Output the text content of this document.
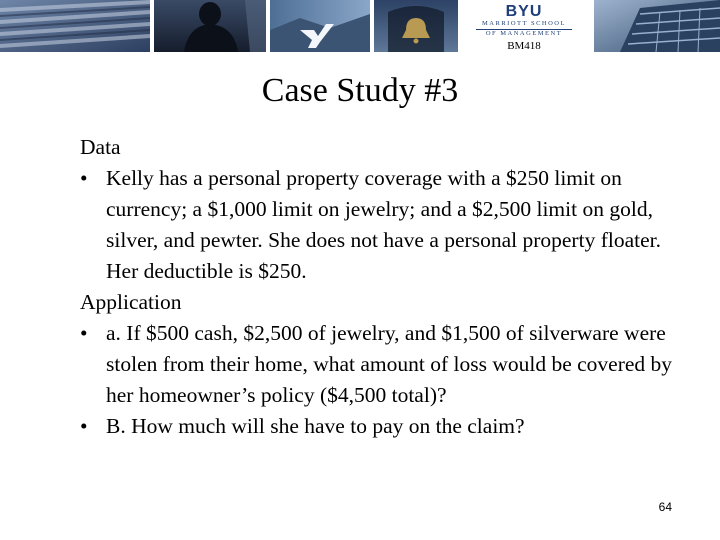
BYU
MARRIOTT SCHOOL
OF MANAGEMENT
BM418
Case Study #3

Data

• Kelly has a personal property coverage with a $250 limit on currency; a $1,000 limit on jewelry; and a $2,500 limit on gold, silver, and pewter. She does not have a personal property floater. Her deductible is $250.

Application

• a. If $500 cash, $2,500 of jewelry, and $1,500 of silverware were stolen from their home, what amount of loss would be covered by her homeowner’s policy ($4,500 total)?

• B. How much will she have to pay on the claim?

64
